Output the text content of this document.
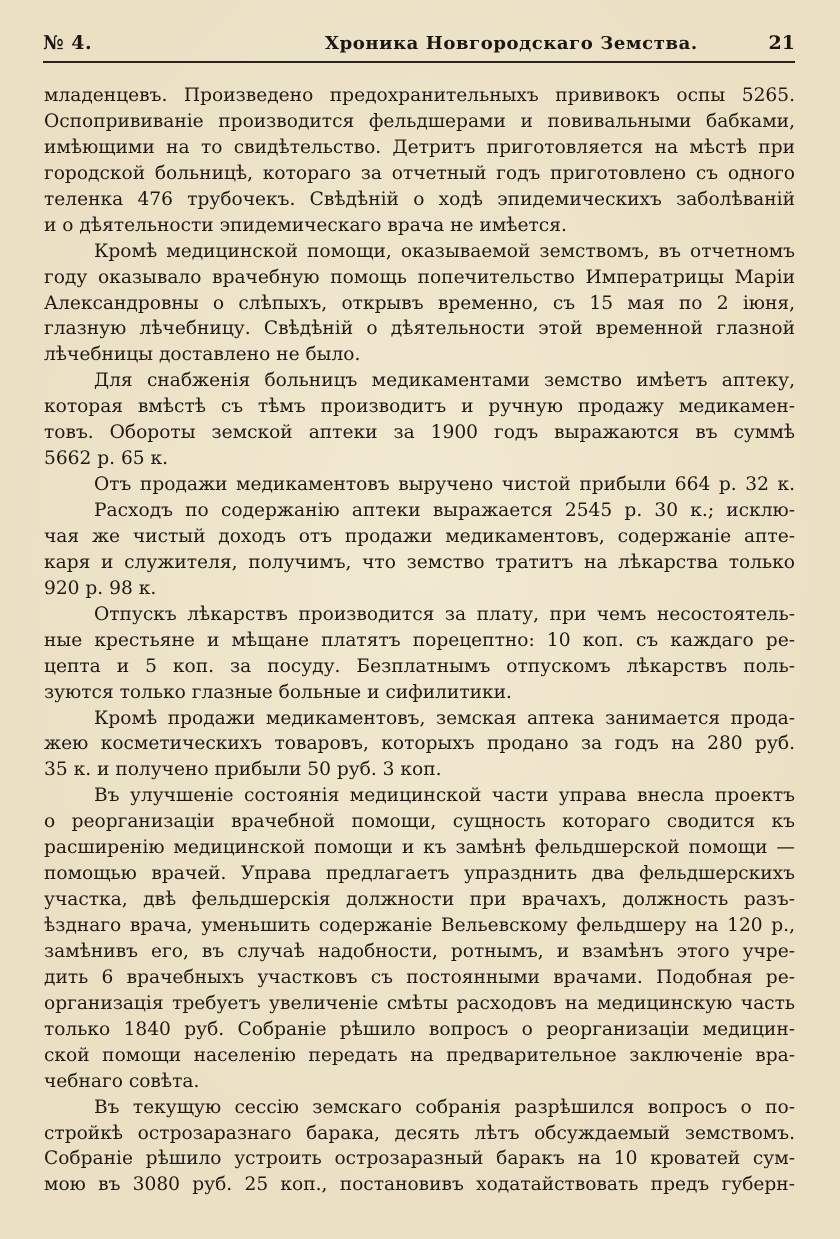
№ 4.	Хроника Новгородскаго Земства.	21
младенцевъ. Произведено предохранительныхъ прививокъ оспы 5265.
Оспопрививаніе производится фельдшерами и повивальными бабками,
имѣющими на то свидѣтельство. Детритъ приготовляется на мѣстѣ при
городской больницѣ, котораго за отчетный годъ приготовлено съ одного
теленка 476 трубочекъ. Свѣдѣній о ходѣ эпидемическихъ заболѣваній
и о дѣятельности эпидемическаго врача не имѣется.
Кромѣ медицинской помощи, оказываемой земствомъ, въ отчетномъ
году оказывало врачебную помощь попечительство Императрицы Маріи
Александровны о слѣпыхъ, открывъ временно, съ 15 мая по 2 іюня,
глазную лѣчебницу. Свѣдѣній о дѣятельности этой временной глазной
лѣчебницы доставлено не было.
Для снабженія больницъ медикаментами земство имѣетъ аптеку,
которая вмѣстѣ съ тѣмъ производитъ и ручную продажу медикамен-
товъ. Обороты земской аптеки за 1900 годъ выражаются въ суммѣ
5662 р. 65 к.
Отъ продажи медикаментовъ выручено чистой прибыли 664 р. 32 к.
Расходъ по содержанію аптеки выражается 2545 р. 30 к.; исклю-
чая же чистый доходъ отъ продажи медикаментовъ, содержаніе апте-
каря и служителя, получимъ, что земство тратитъ на лѣкарства только
920 р. 98 к.
Отпускъ лѣкарствъ производится за плату, при чемъ несостоятель-
ные крестьяне и мѣщане платятъ порецептно: 10 коп. съ каждаго ре-
цепта и 5 коп. за посуду. Безплатнымъ отпускомъ лѣкарствъ поль-
зуются только глазные больные и сифилитики.
Кромѣ продажи медикаментовъ, земская аптека занимается прода-
жею косметическихъ товаровъ, которыхъ продано за годъ на 280 руб.
35 к. и получено прибыли 50 руб. 3 коп.
Въ улучшеніе состоянія медицинской части управа внесла проектъ
о реорганизаціи врачебной помощи, сущность котораго сводится къ
расширенію медицинской помощи и къ замѣнѣ фельдшерской помощи —
помощью врачей. Управа предлагаетъ упразднить два фельдшерскихъ
участка, двѣ фельдшерскія должности при врачахъ, должность разъ-
ѣзднаго врача, уменьшить содержаніе Вельевскому фельдшеру на 120 р.,
замѣнивъ его, въ случаѣ надобности, ротнымъ, и взамѣнъ этого учре-
дить 6 врачебныхъ участковъ съ постоянными врачами. Подобная ре-
организація требуетъ увеличеніе смѣты расходовъ на медицинскую часть
только 1840 руб. Собраніе рѣшило вопросъ о реорганизаціи медицин-
ской помощи населенію передать на предварительное заключеніе вра-
чебнаго совѣта.
Въ текущую сессію земскаго собранія разрѣшился вопросъ о по-
стройкѣ острозаразнаго барака, десять лѣтъ обсуждаемый земствомъ.
Собраніе рѣшило устроить острозаразный баракъ на 10 кроватей сум-
мою въ 3080 руб. 25 коп., постановивъ ходатайствовать предъ губерн-
